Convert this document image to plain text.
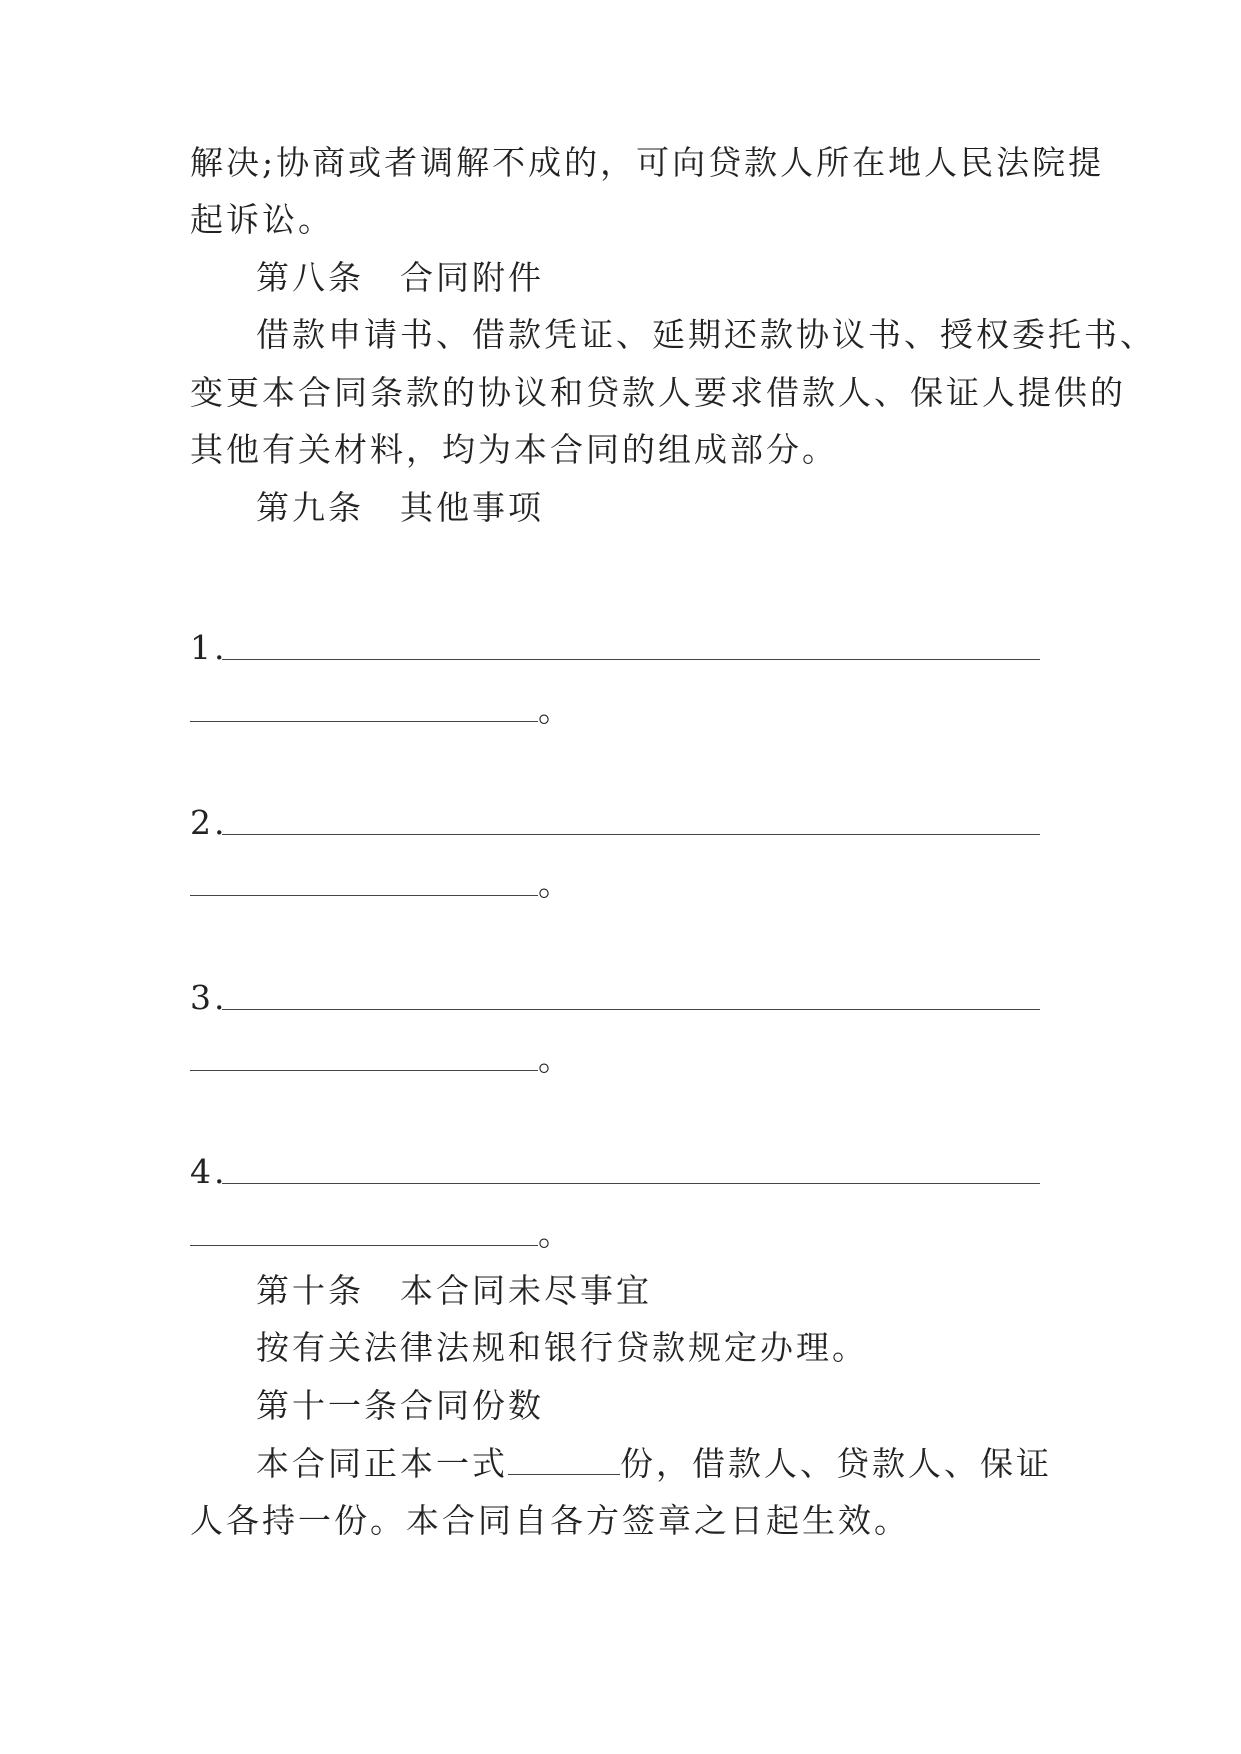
解决;协商或者调解不成的，可向贷款人所在地人民法院提
起诉讼。
第八条　合同附件
借款申请书、借款凭证、延期还款协议书、授权委托书、
变更本合同条款的协议和贷款人要求借款人、保证人提供的
其他有关材料，均为本合同的组成部分。
第九条　其他事项
1.
。
2.
。
3.
。
4.
。
第十条　本合同未尽事宜
按有关法律法规和银行贷款规定办理。
第十一条合同份数
本合同正本一式	份，借款人、贷款人、保证
人各持一份。本合同自各方签章之日起生效。
